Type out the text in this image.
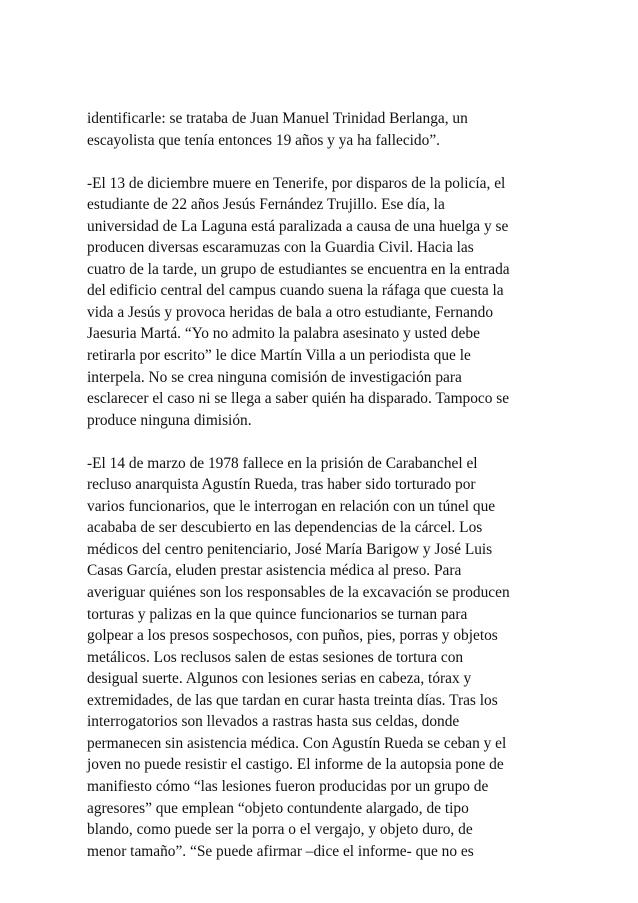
identificarle: se trataba de Juan Manuel Trinidad Berlanga, un
escayolista que tenía entonces 19 años y ya ha fallecido”.
-El 13 de diciembre muere en Tenerife, por disparos de la policía, el
estudiante de 22 años Jesús Fernández Trujillo. Ese día, la
universidad de La Laguna está paralizada a causa de una huelga y se
producen diversas escaramuzas con la Guardia Civil. Hacia las
cuatro de la tarde, un grupo de estudiantes se encuentra en la entrada
del edificio central del campus cuando suena la ráfaga que cuesta la
vida a Jesús y provoca heridas de bala a otro estudiante, Fernando
Jaesuria Martá. “Yo no admito la palabra asesinato y usted debe
retirarla por escrito” le dice Martín Villa a un periodista que le
interpela. No se crea ninguna comisión de investigación para
esclarecer el caso ni se llega a saber quién ha disparado. Tampoco se
produce ninguna dimisión.
-El 14 de marzo de 1978 fallece en la prisión de Carabanchel el
recluso anarquista Agustín Rueda, tras haber sido torturado por
varios funcionarios, que le interrogan en relación con un túnel que
acababa de ser descubierto en las dependencias de la cárcel. Los
médicos del centro penitenciario, José María Barigow y José Luis
Casas García, eluden prestar asistencia médica al preso. Para
averiguar quiénes son los responsables de la excavación se producen
torturas y palizas en la que quince funcionarios se turnan para
golpear a los presos sospechosos, con puños, pies, porras y objetos
metálicos. Los reclusos salen de estas sesiones de tortura con
desigual suerte. Algunos con lesiones serias en cabeza, tórax y
extremidades, de las que tardan en curar hasta treinta días. Tras los
interrogatorios son llevados a rastras hasta sus celdas, donde
permanecen sin asistencia médica. Con Agustín Rueda se ceban y el
joven no puede resistir el castigo. El informe de la autopsia pone de
manifiesto cómo “las lesiones fueron producidas por un grupo de
agresores” que emplean “objeto contundente alargado, de tipo
blando, como puede ser la porra o el vergajo, y objeto duro, de
menor tamaño”. “Se puede afirmar –dice el informe- que no es
